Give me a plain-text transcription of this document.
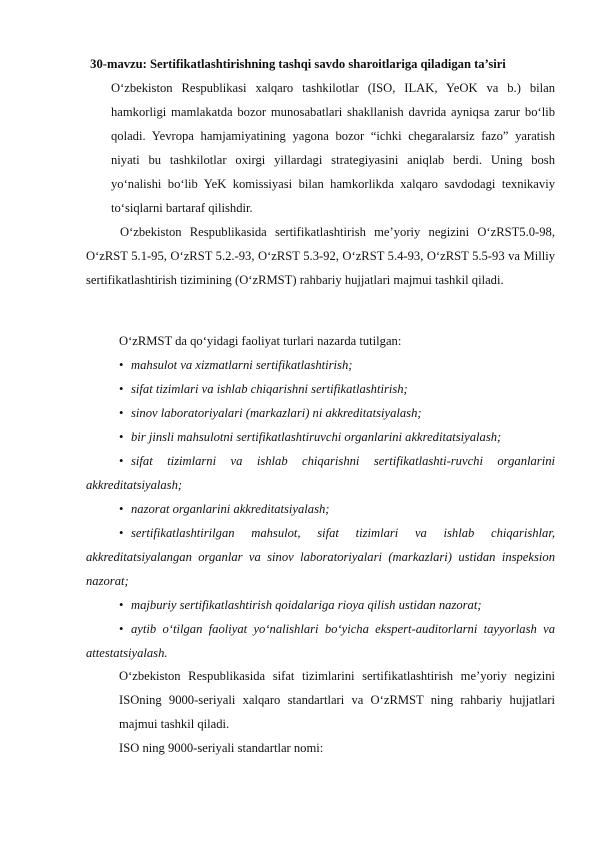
30-mavzu: Sertifikatlashtirishning tashqi savdo sharoitlariga qiladigan ta’siri
O‘zbekiston Respublikasi xalqaro tashkilotlar (ISO, ILAK, YeOK va b.) bilan hamkorligi mamlakatda bozor munosabatlari shakllanish davrida ayniqsa zarur bo‘lib qoladi. Yevropa hamjamiyatining yagona bozor “ichki chegaralarsiz fazo” yaratish niyati bu tashkilotlar oxirgi yillardagi strategiyasini aniqlab berdi. Uning bosh yo‘nalishi bo‘lib YeK komissiyasi bilan hamkorlikda xalqaro savdodagi texnikaviy to‘siqlarni bartaraf qilishdir.
O‘zbekiston Respublikasida sertifikatlashtirish me’yoriy negizini O‘zRST5.0-98, O‘zRST 5.1-95, O‘zRST 5.2.-93, O‘zRST 5.3-92, O‘zRST 5.4-93, O‘zRST 5.5-93 va Milliy sertifikatlashtirish tizimining (O‘zRMST) rahbariy hujjatlari majmui tashkil qiladi.
O‘zRMST da qo‘yidagi faoliyat turlari nazarda tutilgan:
• mahsulot va xizmatlarni sertifikatlashtirish;
• sifat tizimlari va ishlab chiqarishni sertifikatlashtirish;
• sinov laboratoriyalari (markazlari) ni akkreditatsiyalash;
• bir jinsli mahsulotni sertifikatlashtiruvchi organlarini akkreditatsiyalash;
• sifat tizimlarni va ishlab chiqarishni sertifikatlashti-ruvchi organlarini akkreditatsiyalash;
• nazorat organlarini akkreditatsiyalash;
• sertifikatlashtirilgan mahsulot, sifat tizimlari va ishlab chiqarishlar, akkreditatsiyalangan organlar va sinov laboratoriyalari (markazlari) ustidan inspeksion nazorat;
• majburiy sertifikatlashtirish qoidalariga rioya qilish ustidan nazorat;
• aytib o‘tilgan faoliyat yo‘nalishlari bo‘yicha ekspert-auditorlarni tayyorlash va attestatsiyalash.
O‘zbekiston Respublikasida sifat tizimlarini sertifikatlashtirish me’yoriy negizini ISOning 9000-seriyali xalqaro standartlari va O‘zRMST ning rahbariy hujjatlari majmui tashkil qiladi.
ISO ning 9000-seriyali standartlar nomi:
